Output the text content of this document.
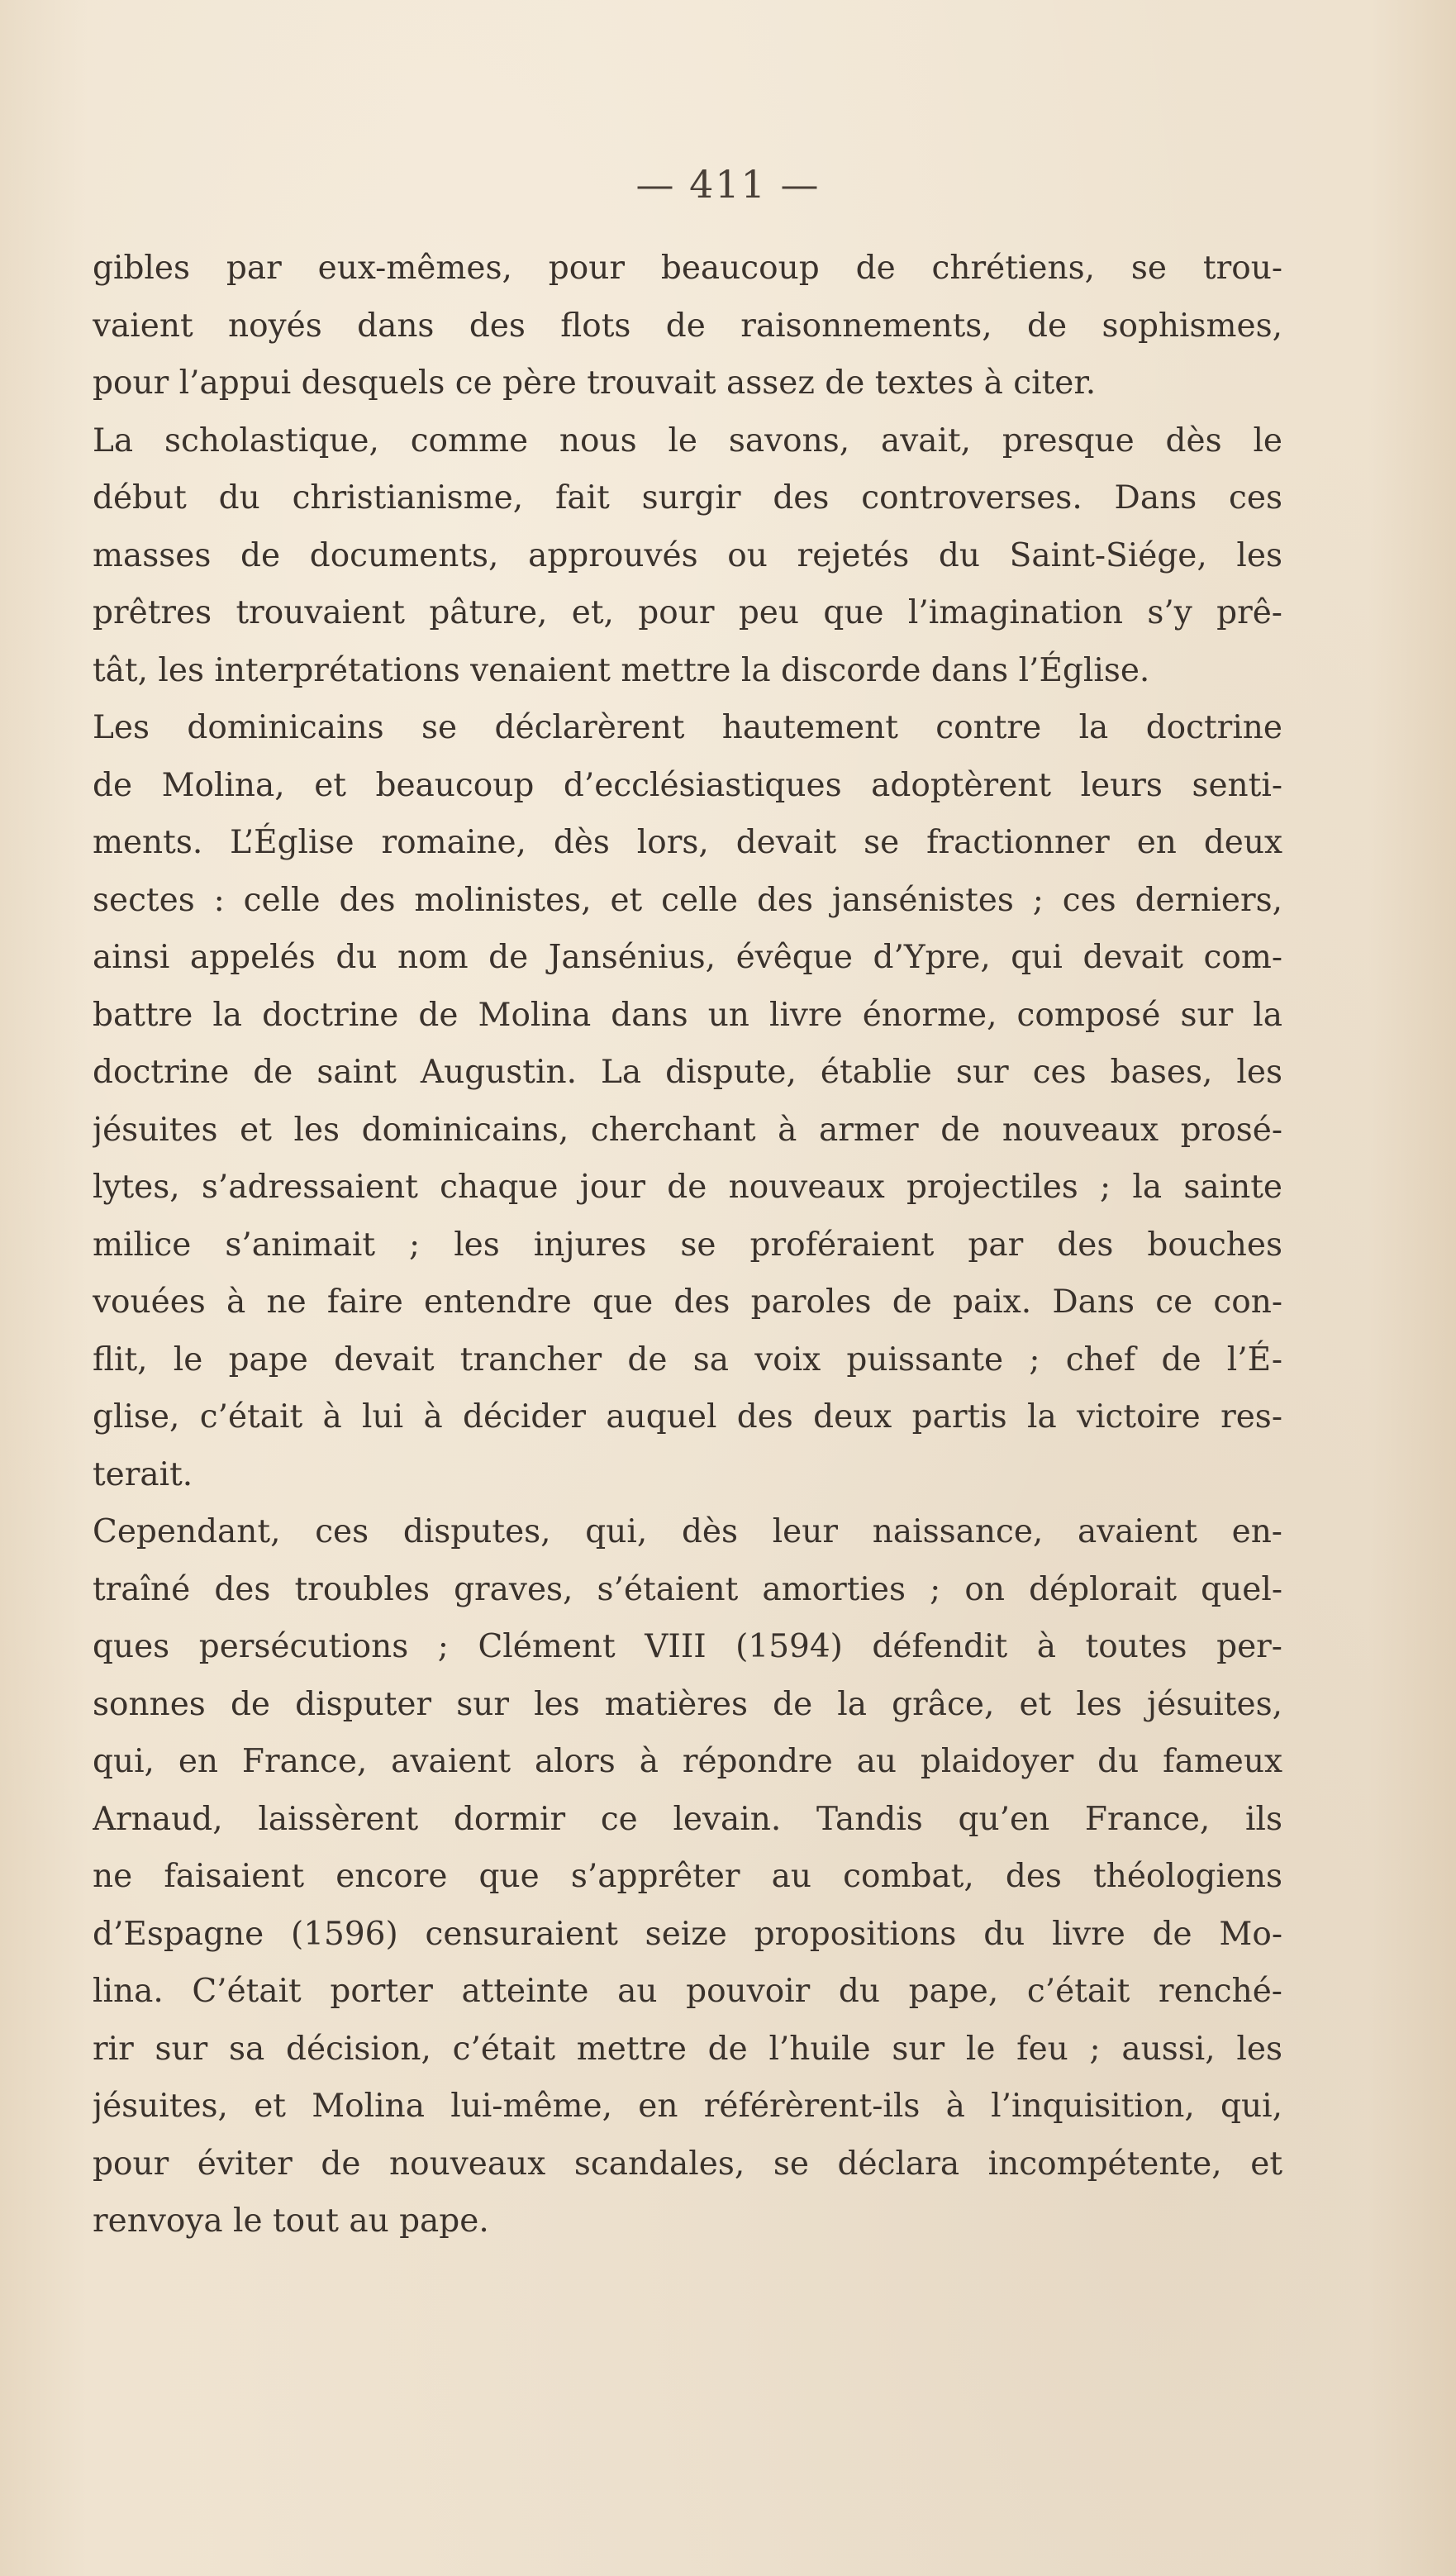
— 411 —
gibles par eux-mêmes, pour beaucoup de chrétiens, se trou-
vaient noyés dans des flots de raisonnements, de sophismes,
pour l’appui desquels ce père trouvait assez de textes à citer.
La scholastique, comme nous le savons, avait, presque dès le
début du christianisme, fait surgir des controverses. Dans ces
masses de documents, approuvés ou rejetés du Saint-Siége, les
prêtres trouvaient pâture, et, pour peu que l’imagination s’y prê-
tât, les interprétations venaient mettre la discorde dans l’Église.
Les dominicains se déclarèrent hautement contre la doctrine
de Molina, et beaucoup d’ecclésiastiques adoptèrent leurs senti-
ments. L’Église romaine, dès lors, devait se fractionner en deux
sectes : celle des molinistes, et celle des jansénistes ; ces derniers,
ainsi appelés du nom de Jansénius, évêque d’Ypre, qui devait com-
battre la doctrine de Molina dans un livre énorme, composé sur la
doctrine de saint Augustin. La dispute, établie sur ces bases, les
jésuites et les dominicains, cherchant à armer de nouveaux prosé-
lytes, s’adressaient chaque jour de nouveaux projectiles ; la sainte
milice s’animait ; les injures se proféraient par des bouches
vouées à ne faire entendre que des paroles de paix. Dans ce con-
flit, le pape devait trancher de sa voix puissante ; chef de l’É-
glise, c’était à lui à décider auquel des deux partis la victoire res-
terait.
Cependant, ces disputes, qui, dès leur naissance, avaient en-
traîné des troubles graves, s’étaient amorties ; on déplorait quel-
ques persécutions ; Clément VIII (1594) défendit à toutes per-
sonnes de disputer sur les matières de la grâce, et les jésuites,
qui, en France, avaient alors à répondre au plaidoyer du fameux
Arnaud, laissèrent dormir ce levain. Tandis qu’en France, ils
ne faisaient encore que s’apprêter au combat, des théologiens
d’Espagne (1596) censuraient seize propositions du livre de Mo-
lina. C’était porter atteinte au pouvoir du pape, c’était renché-
rir sur sa décision, c’était mettre de l’huile sur le feu ; aussi, les
jésuites, et Molina lui-même, en référèrent-ils à l’inquisition, qui,
pour éviter de nouveaux scandales, se déclara incompétente, et
renvoya le tout au pape.
